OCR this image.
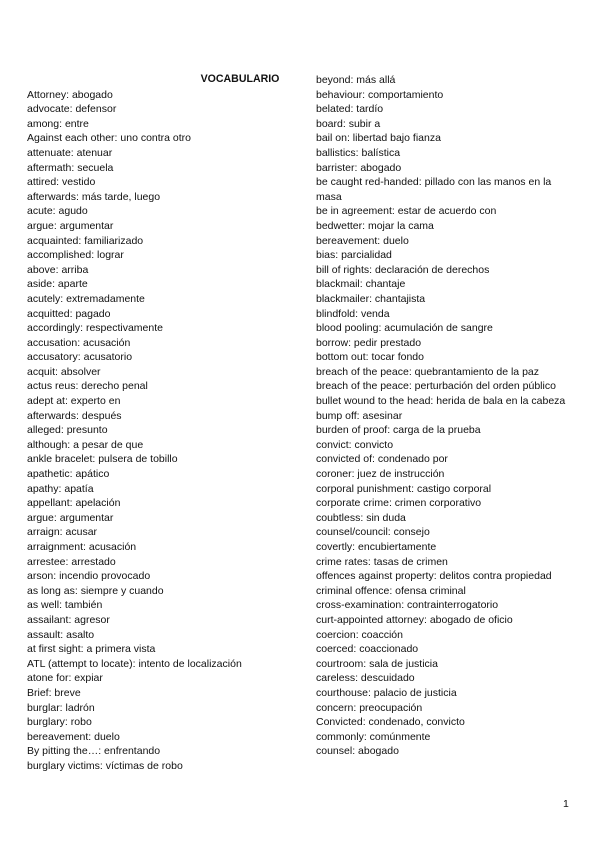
VOCABULARIO
Attorney: abogado
advocate: defensor
among: entre
Against each other: uno contra otro
attenuate: atenuar
aftermath: secuela
attired: vestido
afterwards: más tarde, luego
acute: agudo
argue: argumentar
acquainted: familiarizado
accomplished: lograr
above: arriba
aside: aparte
acutely: extremadamente
acquitted: pagado
accordingly: respectivamente
accusation: acusación
accusatory: acusatorio
acquit: absolver
actus reus: derecho penal
adept at: experto en
afterwards: después
alleged: presunto
although: a pesar de que
ankle bracelet: pulsera de tobillo
apathetic: apático
apathy: apatía
appellant: apelación
argue: argumentar
arraign: acusar
arraignment: acusación
arrestee: arrestado
arson: incendio provocado
as long as: siempre y cuando
as well: también
assailant: agresor
assault: asalto
at first sight: a primera vista
ATL (attempt to locate): intento de localización
atone for: expiar
Brief: breve
burglar: ladrón
burglary: robo
bereavement: duelo
By pitting the…: enfrentando
burglary victims: víctimas de robo
beyond: más allá
behaviour: comportamiento
belated: tardío
board: subir a
bail on: libertad bajo fianza
ballistics: balística
barrister: abogado
be caught red-handed: pillado con las manos en la masa
be in agreement: estar de acuerdo con
bedwetter: mojar la cama
bereavement: duelo
bias: parcialidad
bill of rights: declaración de derechos
blackmail: chantaje
blackmailer: chantajista
blindfold: venda
blood pooling: acumulación de sangre
borrow: pedir prestado
bottom out: tocar fondo
breach of the peace: quebrantamiento de la paz
breach of the peace: perturbación del orden público
bullet wound to the head: herida de bala en la cabeza
bump off: asesinar
burden of proof: carga de la prueba
convict: convicto
convicted of: condenado por
coroner: juez de instrucción
corporal punishment: castigo corporal
corporate crime: crimen corporativo
coubtless: sin duda
counsel/council: consejo
covertly: encubiertamente
crime rates: tasas de crimen
offences against property: delitos contra propiedad
criminal offence: ofensa criminal
cross-examination: contrainterrogatorio
curt-appointed attorney: abogado de oficio
coercion: coacción
coerced: coaccionado
courtroom: sala de justicia
careless: descuidado
courthouse: palacio de justicia
concern: preocupación
Convicted: condenado, convicto
commonly: comúnmente
counsel: abogado
1
